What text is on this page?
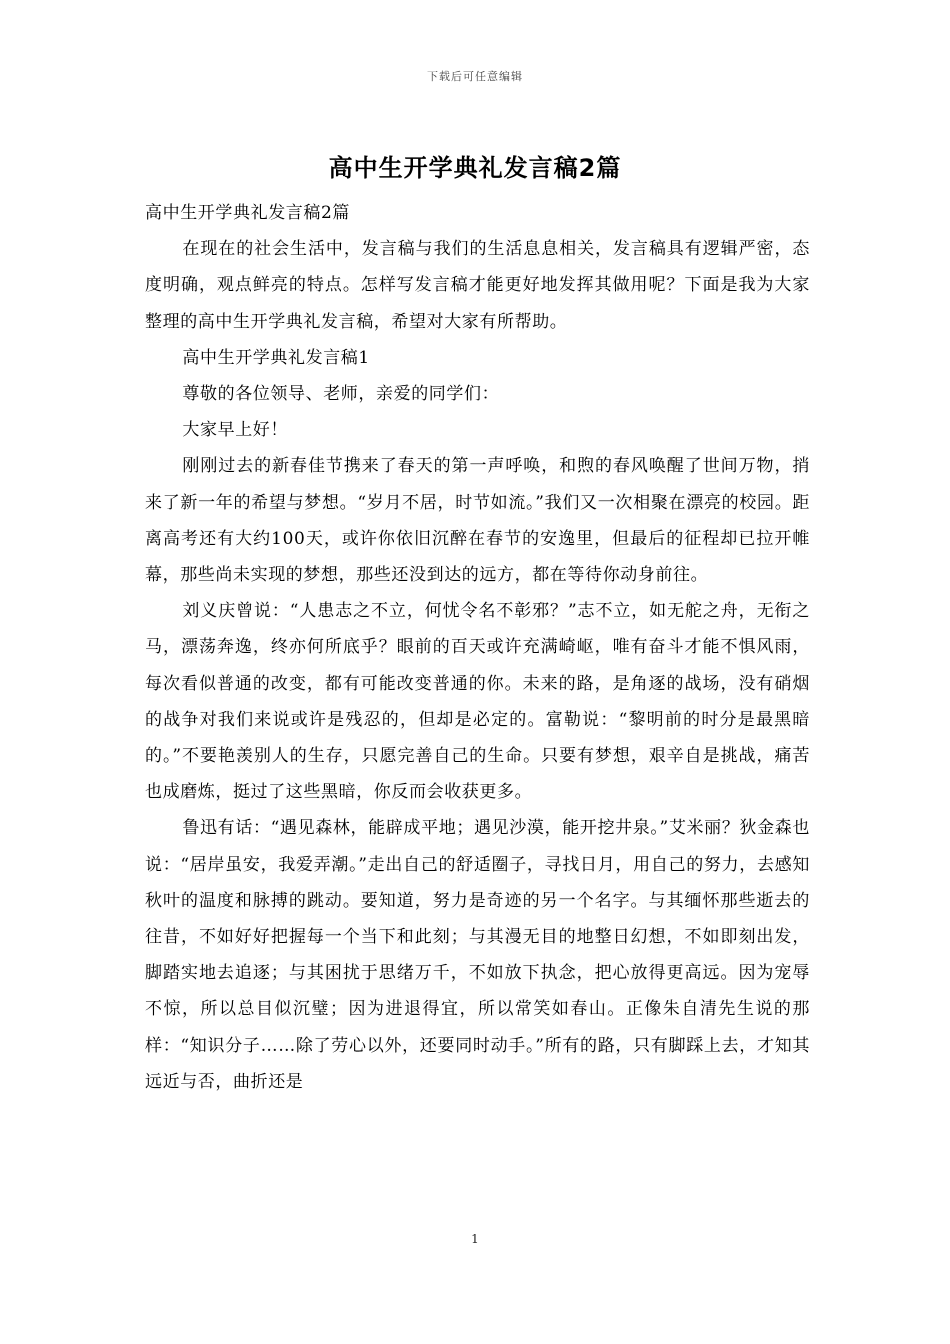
下载后可任意编辑
高中生开学典礼发言稿2篇

高中生开学典礼发言稿2篇

在现在的社会生活中，发言稿与我们的生活息息相关，发言稿具有逻辑严密，态度明确，观点鲜亮的特点。怎样写发言稿才能更好地发挥其做用呢？下面是我为大家整理的高中生开学典礼发言稿，希望对大家有所帮助。

高中生开学典礼发言稿1

尊敬的各位领导、老师，亲爱的同学们：

大家早上好！

刚刚过去的新春佳节携来了春天的第一声呼唤，和煦的春风唤醒了世间万物，捎来了新一年的希望与梦想。“岁月不居，时节如流。”我们又一次相聚在漂亮的校园。距离高考还有大约100天，或许你依旧沉醉在春节的安逸里，但最后的征程却已拉开帷幕，那些尚未实现的梦想，那些还没到达的远方，都在等待你动身前往。

刘义庆曾说：“人患志之不立，何忧令名不彰邪？”志不立，如无舵之舟，无衔之马，漂荡奔逸，终亦何所底乎？眼前的百天或许充满崎岖，唯有奋斗才能不惧风雨，每次看似普通的改变，都有可能改变普通的你。未来的路，是角逐的战场，没有硝烟的战争对我们来说或许是残忍的，但却是必定的。富勒说：“黎明前的时分是最黑暗的。”不要艳羡别人的生存，只愿完善自己的生命。只要有梦想，艰辛自是挑战，痛苦也成磨炼，挺过了这些黑暗，你反而会收获更多。

鲁迅有话：“遇见森林，能辟成平地；遇见沙漠，能开挖井泉。”艾米丽？狄金森也说：“居岸虽安，我爱弄潮。”走出自己的舒适圈子，寻找日月，用自己的努力，去感知秋叶的温度和脉搏的跳动。要知道，努力是奇迹的另一个名字。与其缅怀那些逝去的往昔，不如好好把握每一个当下和此刻；与其漫无目的地整日幻想，不如即刻出发，脚踏实地去追逐；与其困扰于思绪万千，不如放下执念，把心放得更高远。因为宠辱不惊，所以总目似沉璧；因为进退得宜，所以常笑如春山。正像朱自清先生说的那样：“知识分子……除了劳心以外，还要同时动手。”所有的路，只有脚踩上去，才知其远近与否，曲折还是

1
